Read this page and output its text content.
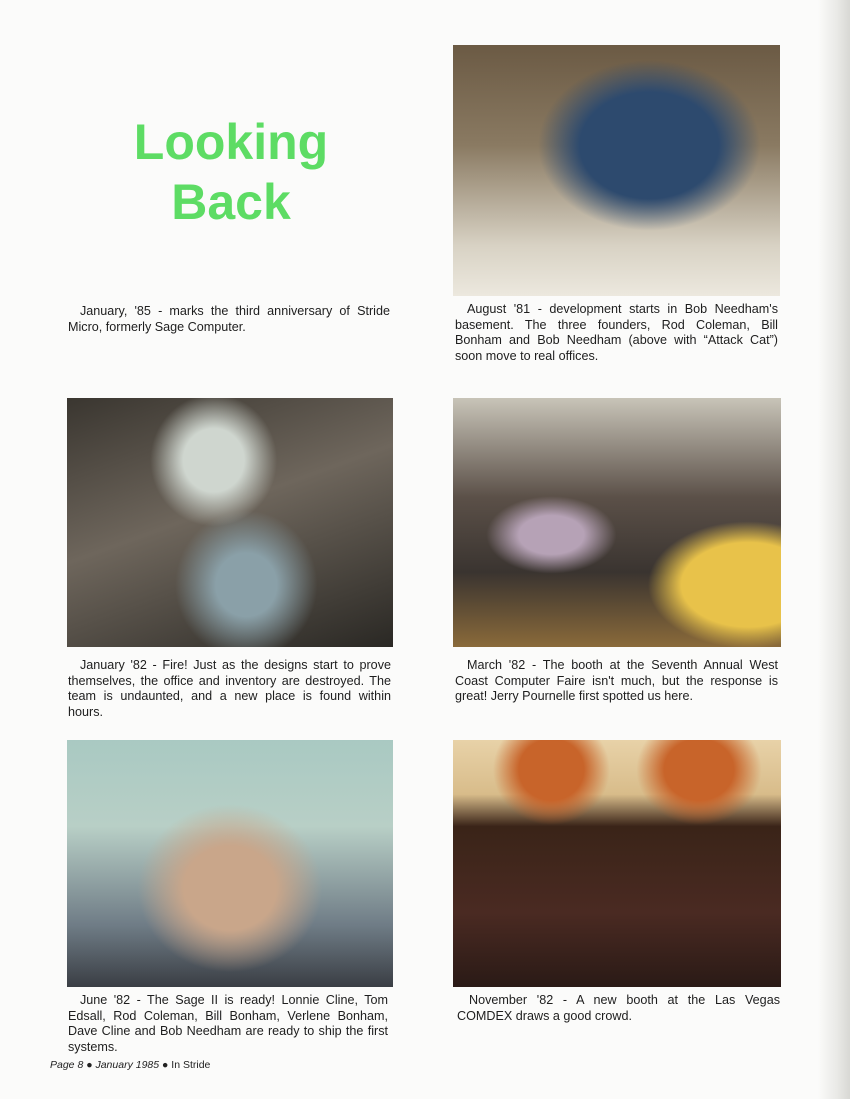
Looking
Back
January, '85 - marks the third anniversary of Stride Micro, formerly Sage Computer.
August '81 - development starts in Bob Needham's basement. The three founders, Rod Coleman, Bill Bonham and Bob Needham (above with “Attack Cat”) soon move to real offices.
January '82 - Fire! Just as the designs start to prove themselves, the office and inventory are destroyed. The team is undaunted, and a new place is found within hours.
March '82 - The booth at the Seventh Annual West Coast Computer Faire isn't much, but the response is great! Jerry Pournelle first spotted us here.
June '82 - The Sage II is ready! Lonnie Cline, Tom Edsall, Rod Coleman, Bill Bonham, Verlene Bonham, Dave Cline and Bob Needham are ready to ship the first systems.
November '82 - A new booth at the Las Vegas COMDEX draws a good crowd.
Page 8 ● January 1985 ● In Stride
